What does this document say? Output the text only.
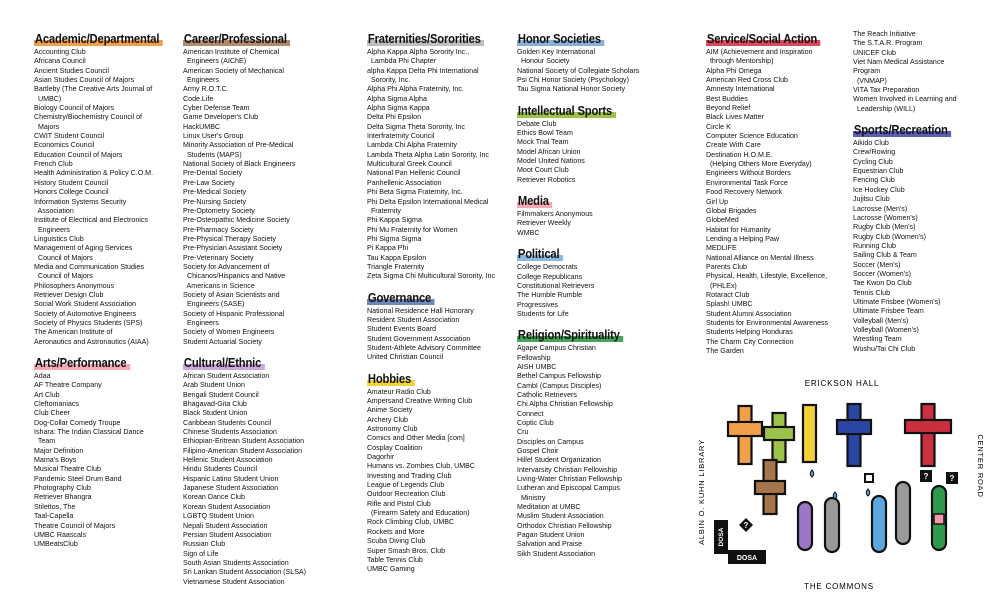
Academic/Departmental
Accounting Club
Africana Council
Ancient Studies Council
Asian Studies Council of Majors
Bartleby (The Creative Arts Journal of
UMBC)
Biology Council of Majors
Chemistry/Biochemistry Council of
Majors
CWIT Student Council
Economics Council
Education Council of Majors
French Club
Health Administration & Policy C.O.M.
History Student Council
Honors College Council
Information Systems Security
Association
Institute of Electrical and Electronics
Engineers
Linguistics Club
Management of Aging Services
Council of Majors
Media and Communication Studies
Council of Majors
Philosophers Anonymous
Retriever Design Club
Social Work Student Association
Society of Automotive Engineers
Society of Physics Students (SPS)
The American Institute of
Aeronautics and Astronautics (AIAA)
Arts/Performance
Adaa
AF Theatre Company
Art Club
Cleftomaniacs
Club Cheer
Dog-Collar Comedy Troupe
Ishara: The Indian Classical Dance
Team
Major Definition
Mama's Boys
Musical Theatre Club
Pandemic Steel Drum Band
Photography Club
Retriever Bhangra
Stilettos, The
Taal-Capella
Theatre Council of Majors
UMBC Raascals
UMBeatsClub
Career/Professional
American Institute of Chemical
Engineers (AIChE)
American Society of Mechanical
Engineers
Army R.O.T.C.
Code.Life
Cyber Defense Team
Game Developer's Club
HackUMBC
Linux User's Group
Minority Association of Pre-Medical
Students (MAPS)
National Society of Black Engineers
Pre-Dental Society
Pre-Law Society
Pre-Medical Society
Pre-Nursing Society
Pre-Optometry Society
Pre-Osteopathic Medicine Society
Pre-Pharmacy Society
Pre-Physical Therapy Society
Pre-Physician Assistant Society
Pre-Veterinary Society
Society for Advancement of
Chicanos/Hispanics and Native
Americans in Science
Society of Asian Scientists and
Engineers (SASE)
Society of Hispanic Professional
Engineers
Society of Women Engineers
Student Actuarial Society
Cultural/Ethnic
African Student Association
Arab Student Union
Bengali Student Council
Bhagavad-Gita Club
Black Student Union
Caribbean Students Council
Chinese Students Association
Ethiopian-Eritrean Student Association
Filipino-American Student Association
Hellenic Student Association
Hindu Students Council
Hispanic Latino Student Union
Japanese Student Association
Korean Dance Club
Korean Student Association
LGBTQ Student Union
Nepali Student Association
Persian Student Association
Russian Club
Sign of Life
South Asian Students Association
Sri Lankan Student Association (SLSA)
Vietnamese Student Association
Fraternities/Sororities
Alpha Kappa Alpha Sorority Inc.,
Lambda Phi Chapter
alpha Kappa Delta Phi International
Sorority, Inc.
Alpha Phi Alpha Fraternity, Inc.
Alpha Sigma Alpha
Alpha Sigma Kappa
Delta Phi Epsilon
Delta Sigma Theta Sorority, Inc
Interfraternity Council
Lambda Chi Alpha Fraternity
Lambda Theta Alpha Latin Sorority, Inc
Multicultural Greek Council
National Pan Hellenic Council
Panhellenic Association
Phi Beta Sigma Fraternity, Inc.
Phi Delta Epsilon International Medical
Fraternity
Phi Kappa Sigma
Phi Mu Fraternity for Women
Phi Sigma Sigma
Pi Kappa Phi
Tau Kappa Epsilon
Triangle Fraternity
Zeta Sigma Chi Multicultural Sorority, Inc
Governance
National Residence Hall Honorary
Resident Student Association
Student Events Board
Student Government Association
Student-Athlete Advisory Committee
United Christian Council
Hobbies
Amateur Radio Club
Ampersand Creative Writing Club
Anime Society
Archery Club
Astronomy Club
Comics and Other Media [com]
Cosplay Coalition
Dagorhir
Humans vs. Zombies Club, UMBC
Investing and Trading Club
League of Legends Club
Outdoor Recreation Club
Rifle and Pistol Club
(Firearm Safety and Education)
Rock Climbing Club, UMBC
Rockets and More
Scuba Diving Club
Super Smash Bros. Club
Table Tennis Club
UMBC Gaming
Honor Societies
Golden Key International
Honour Society
National Society of Collegiate Scholars
Psi Chi Honor Society (Psychology)
Tau Sigma National Honor Society
Intellectual Sports
Debate Club
Ethics Bowl Team
Mock Trial Team
Model African Union
Model United Nations
Moot Court Club
Retriever Robotics
Media
Filmmakers Anonymous
Retriever Weekly
WMBC
Political
College Democrats
College Republicans
Constitutional Retrievers
The Humble Rumble
Progressives
Students for Life
Religion/Spirituality
Agape Campus Christian
Fellowship
AISH UMBC
Bethel Campus Fellowship
CambI (Campus Disciples)
Catholic Retrievers
Chi Alpha Christian Fellowship
Connect
Coptic Club
Cru
Disciples on Campus
Gospel Choir
Hillel Student Organization
Intervarsity Christian Fellowship
Living-Water Christian Fellowship
Lutheran and Episcopal Campus
Ministry
Meditation at UMBC
Muslim Student Association
Orthodox Christian Fellowship
Pagan Student Union
Salvation and Praise
Sikh Student Association
Service/Social Action
AIM (Achievement and Inspiration
through Mentorship)
Alpha Phi Omega
American Red Cross Club
Amnesty International
Best Buddies
Beyond Relief
Black Lives Matter
Circle K
Computer Science Education
Create With Care
Destination H.O.M.E.
(Helping Others More Everyday)
Engineers Without Borders
Environmental Task Force
Food Recovery Network
Girl Up
Global Brigades
GlobeMed
Habitat for Humanity
Lending a Helping Paw
MEDLIFE
National Alliance on Mental Illness
Parents Club
Physical, Health, Lifestyle, Excellence,
(PHLEx)
Rotaract Club
Splash! UMBC
Student Alumni Association
Students for Environmental Awareness
Students Helping Honduras
The Charm City Connection
The Garden
The Reach Initiative
The S.T.A.R. Program
UNICEF Club
Viet Nam Medical Assistance
Program
(VNMAP)
VITA Tax Preparation
Women Involved in Learning and
Leadership (WILL)
Sports/Recreation
Aikido Club
Crew/Rowing
Cycling Club
Equestrian Club
Fencing Club
Ice Hockey Club
Jujitsu Club
Lacrosse (Men's)
Lacrosse (Women's)
Rugby Club (Men's)
Rugby Club (Women's)
Running Club
Sailing Club & Team
Soccer (Men's)
Soccer (Women's)
Tae Kwon Do Club
Tennis Club
Ultimate Frisbee (Women's)
Ultimate Frisbee Team
Volleyball (Men's)
Volleyball (Women's)
Wrestling Team
Wushu/Tai Chi Club
ERICKSON HALL
THE COMMONS
ALBIN O. KUHN LIBRARY	CENTER ROAD
DOSA
DOSA
?
?	?
